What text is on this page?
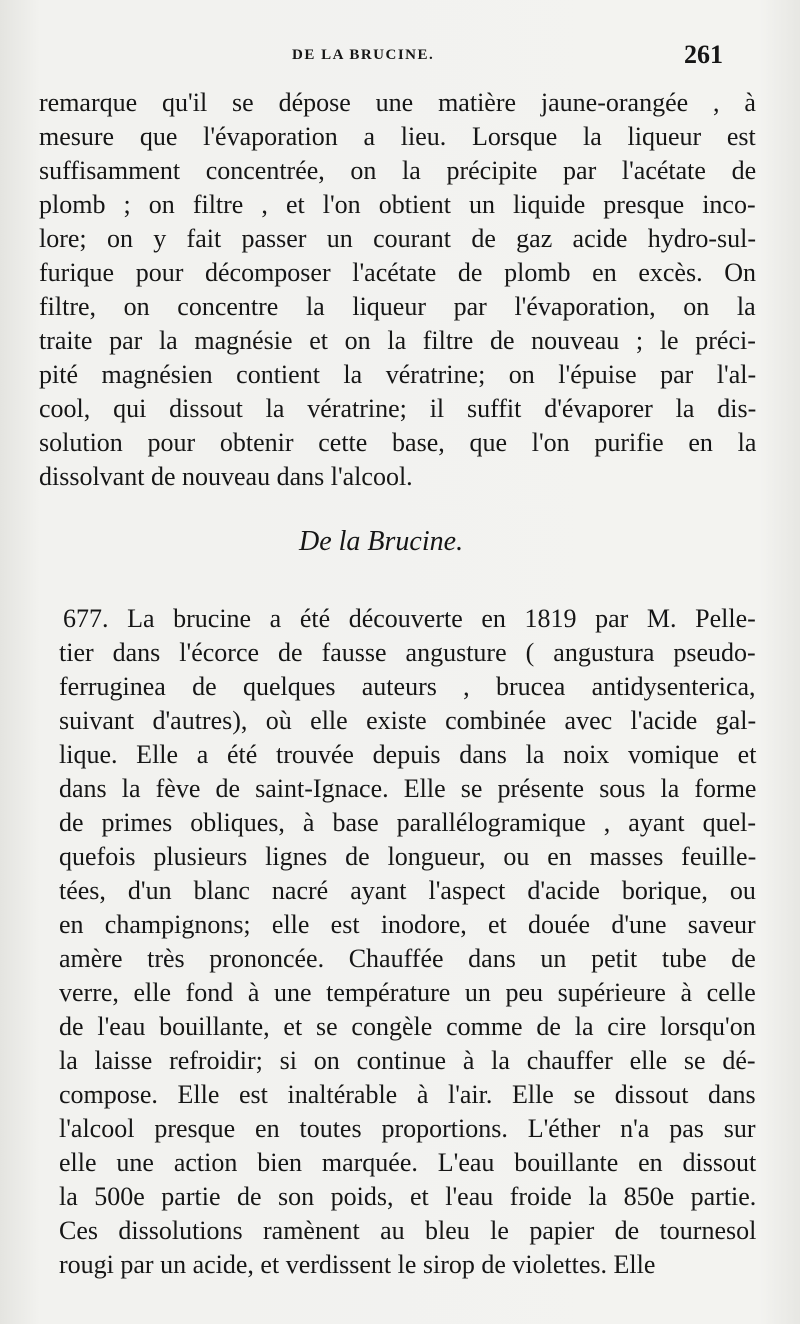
DE LA BRUCINE.	261
remarque qu'il se dépose une matière jaune-orangée , à
mesure que l'évaporation a lieu. Lorsque la liqueur est
suffisamment concentrée, on la précipite par l'acétate de
plomb ; on filtre , et l'on obtient un liquide presque inco-
lore; on y fait passer un courant de gaz acide hydro-sul-
furique pour décomposer l'acétate de plomb en excès. On
filtre, on concentre la liqueur par l'évaporation, on la
traite par la magnésie et on la filtre de nouveau ; le préci-
pité magnésien contient la vératrine; on l'épuise par l'al-
cool, qui dissout la vératrine; il suffit d'évaporer la dis-
solution pour obtenir cette base, que l'on purifie en la
dissolvant de nouveau dans l'alcool.
De la Brucine.
677. La brucine a été découverte en 1819 par M. Pelle-
tier dans l'écorce de fausse angusture ( angustura pseudo-
ferruginea de quelques auteurs , brucea antidysenterica,
suivant d'autres), où elle existe combinée avec l'acide gal-
lique. Elle a été trouvée depuis dans la noix vomique et
dans la fève de saint-Ignace. Elle se présente sous la forme
de primes obliques, à base parallélogramique , ayant quel-
quefois plusieurs lignes de longueur, ou en masses feuille-
tées, d'un blanc nacré ayant l'aspect d'acide borique, ou
en champignons; elle est inodore, et douée d'une saveur
amère très prononcée. Chauffée dans un petit tube de
verre, elle fond à une température un peu supérieure à celle
de l'eau bouillante, et se congèle comme de la cire lorsqu'on
la laisse refroidir; si on continue à la chauffer elle se dé-
compose. Elle est inaltérable à l'air. Elle se dissout dans
l'alcool presque en toutes proportions. L'éther n'a pas sur
elle une action bien marquée. L'eau bouillante en dissout
la 500e partie de son poids, et l'eau froide la 850e partie.
Ces dissolutions ramènent au bleu le papier de tournesol
rougi par un acide, et verdissent le sirop de violettes. Elle
